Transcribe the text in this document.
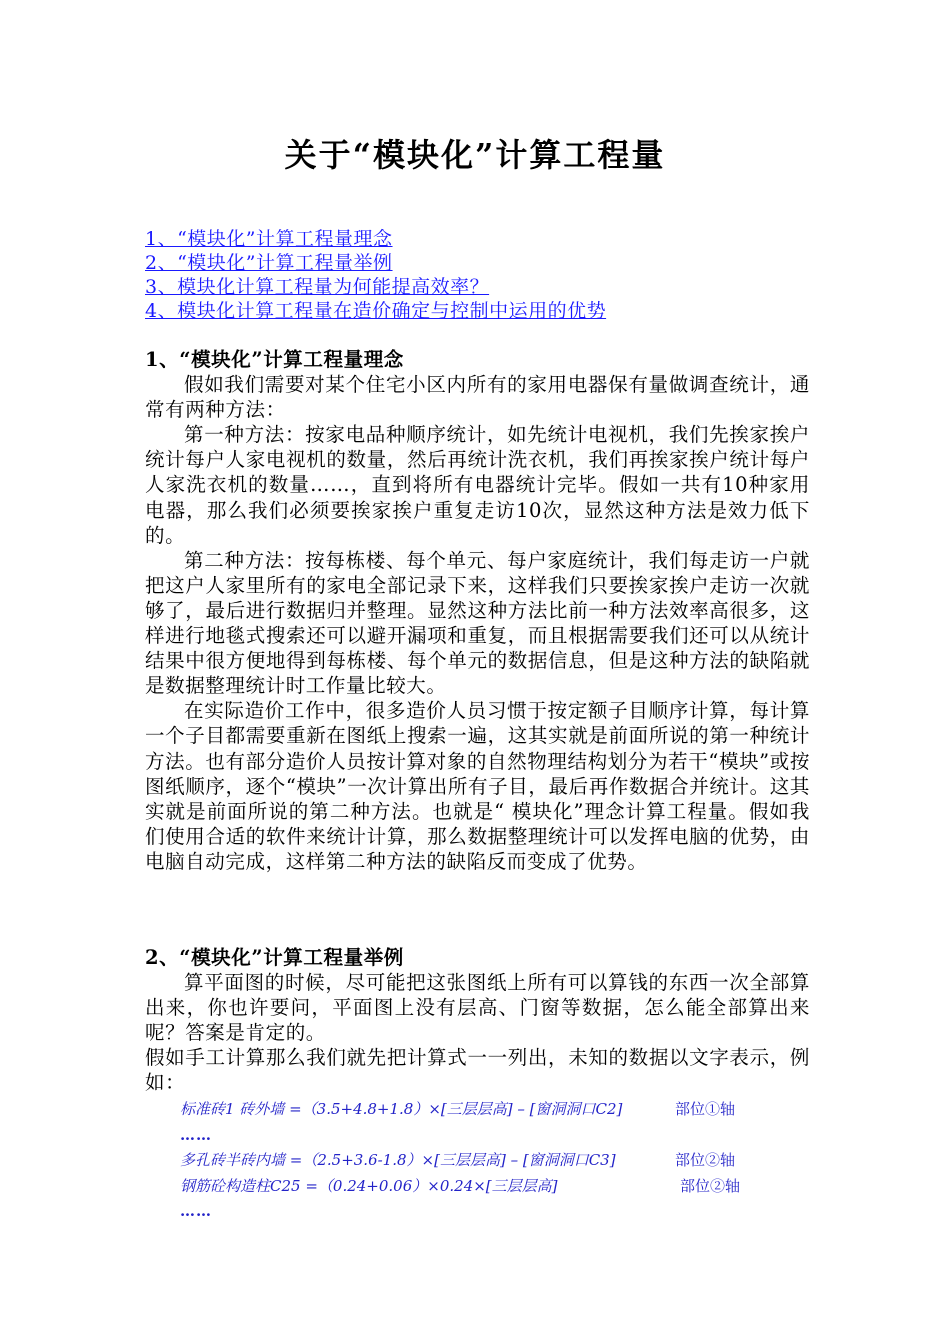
关于“模块化”计算工程量
1、“模块化”计算工程量理念
2、“模块化”计算工程量举例
3、模块化计算工程量为何能提高效率？
4、模块化计算工程量在造价确定与控制中运用的优势

1、“模块化”计算工程量理念

假如我们需要对某个住宅小区内所有的家用电器保有量做调查统计，通常有两种方法：

第一种方法：按家电品种顺序统计，如先统计电视机，我们先挨家挨户统计每户人家电视机的数量，然后再统计洗衣机，我们再挨家挨户统计每户人家洗衣机的数量……，直到将所有电器统计完毕。假如一共有10种家用电器，那么我们必须要挨家挨户重复走访10次，显然这种方法是效力低下的。

第二种方法：按每栋楼、每个单元、每户家庭统计，我们每走访一户就把这户人家里所有的家电全部记录下来，这样我们只要挨家挨户走访一次就够了，最后进行数据归并整理。显然这种方法比前一种方法效率高很多，这样进行地毯式搜索还可以避开漏项和重复，而且根据需要我们还可以从统计结果中很方便地得到每栋楼、每个单元的数据信息，但是这种方法的缺陷就是数据整理统计时工作量比较大。

在实际造价工作中，很多造价人员习惯于按定额子目顺序计算，每计算一个子目都需要重新在图纸上搜索一遍，这其实就是前面所说的第一种统计方法。也有部分造价人员按计算对象的自然物理结构划分为若干“模块”或按图纸顺序，逐个“模块”一次计算出所有子目，最后再作数据合并统计。这其实就是前面所说的第二种方法。也就是“ 模块化”理念计算工程量。假如我们使用合适的软件来统计计算，那么数据整理统计可以发挥电脑的优势，由电脑自动完成，这样第二种方法的缺陷反而变成了优势。

2、“模块化”计算工程量举例

算平面图的时候，尽可能把这张图纸上所有可以算钱的东西一次全部算出来，你也许要问，平面图上没有层高、门窗等数据，怎么能全部算出来呢？答案是肯定的。

假如手工计算那么我们就先把计算式一一列出，未知的数据以文字表示，例如：

标准砖1 砖外墙 =（3.5+4.8+1.8）×[三层层高] – [窗洞洞口C2]	部位①轴
……
多孔砖半砖内墙 =（2.5+3.6-1.8）×[三层层高] – [窗洞洞口C3]	部位②轴
钢筋砼构造柱C25 =（0.24+0.06）×0.24×[三层层高]	部位②轴
……
